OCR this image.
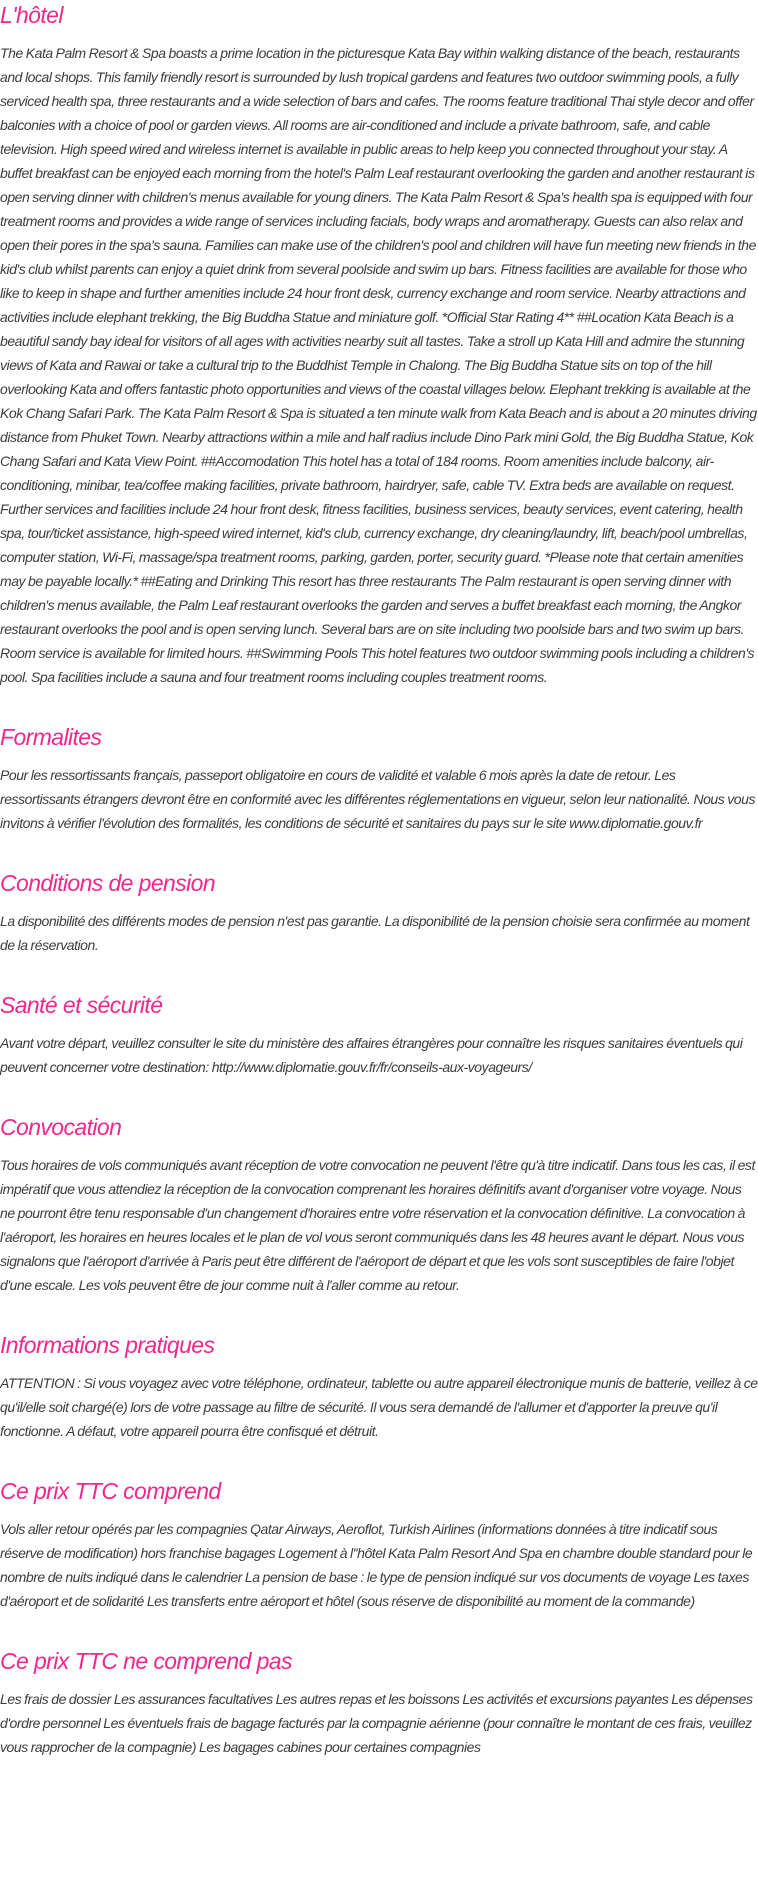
L'hôtel

The Kata Palm Resort & Spa boasts a prime location in the picturesque Kata Bay within walking distance of the beach, restaurants and local shops. This family friendly resort is surrounded by lush tropical gardens and features two outdoor swimming pools, a fully serviced health spa, three restaurants and a wide selection of bars and cafes. The rooms feature traditional Thai style decor and offer balconies with a choice of pool or garden views. All rooms are air-conditioned and include a private bathroom, safe, and cable television. High speed wired and wireless internet is available in public areas to help keep you connected throughout your stay. A buffet breakfast can be enjoyed each morning from the hotel's Palm Leaf restaurant overlooking the garden and another restaurant is open serving dinner with children's menus available for young diners. The Kata Palm Resort & Spa's health spa is equipped with four treatment rooms and provides a wide range of services including facials, body wraps and aromatherapy. Guests can also relax and open their pores in the spa's sauna. Families can make use of the children's pool and children will have fun meeting new friends in the kid's club whilst parents can enjoy a quiet drink from several poolside and swim up bars. Fitness facilities are available for those who like to keep in shape and further amenities include 24 hour front desk, currency exchange and room service. Nearby attractions and activities include elephant trekking, the Big Buddha Statue and miniature golf. *Official Star Rating 4** ##Location Kata Beach is a beautiful sandy bay ideal for visitors of all ages with activities nearby suit all tastes. Take a stroll up Kata Hill and admire the stunning views of Kata and Rawai or take a cultural trip to the Buddhist Temple in Chalong. The Big Buddha Statue sits on top of the hill overlooking Kata and offers fantastic photo opportunities and views of the coastal villages below. Elephant trekking is available at the Kok Chang Safari Park. The Kata Palm Resort & Spa is situated a ten minute walk from Kata Beach and is about a 20 minutes driving distance from Phuket Town. Nearby attractions within a mile and half radius include Dino Park mini Gold, the Big Buddha Statue, Kok Chang Safari and Kata View Point. ##Accomodation This hotel has a total of 184 rooms. Room amenities include balcony, air-conditioning, minibar, tea/coffee making facilities, private bathroom, hairdryer, safe, cable TV. Extra beds are available on request. Further services and facilities include 24 hour front desk, fitness facilities, business services, beauty services, event catering, health spa, tour/ticket assistance, high-speed wired internet, kid's club, currency exchange, dry cleaning/laundry, lift, beach/pool umbrellas, computer station, Wi-Fi, massage/spa treatment rooms, parking, garden, porter, security guard. *Please note that certain amenities may be payable locally.* ##Eating and Drinking This resort has three restaurants The Palm restaurant is open serving dinner with children's menus available, the Palm Leaf restaurant overlooks the garden and serves a buffet breakfast each morning, the Angkor restaurant overlooks the pool and is open serving lunch. Several bars are on site including two poolside bars and two swim up bars. Room service is available for limited hours. ##Swimming Pools This hotel features two outdoor swimming pools including a children's pool. Spa facilities include a sauna and four treatment rooms including couples treatment rooms.

Formalites

Pour les ressortissants français, passeport obligatoire en cours de validité et valable 6 mois après la date de retour. Les ressortissants étrangers devront être en conformité avec les différentes réglementations en vigueur, selon leur nationalité. Nous vous invitons à vérifier l'évolution des formalités, les conditions de sécurité et sanitaires du pays sur le site www.diplomatie.gouv.fr

Conditions de pension

La disponibilité des différents modes de pension n'est pas garantie. La disponibilité de la pension choisie sera confirmée au moment de la réservation.

Santé et sécurité

Avant votre départ, veuillez consulter le site du ministère des affaires étrangères pour connaître les risques sanitaires éventuels qui peuvent concerner votre destination: http://www.diplomatie.gouv.fr/fr/conseils-aux-voyageurs/

Convocation

Tous horaires de vols communiqués avant réception de votre convocation ne peuvent l'être qu'à titre indicatif. Dans tous les cas, il est impératif que vous attendiez la réception de la convocation comprenant les horaires définitifs avant d'organiser votre voyage. Nous ne pourront être tenu responsable d'un changement d'horaires entre votre réservation et la convocation définitive. La convocation à l'aéroport, les horaires en heures locales et le plan de vol vous seront communiqués dans les 48 heures avant le départ. Nous vous signalons que l'aéroport d'arrivée à Paris peut être différent de l'aéroport de départ et que les vols sont susceptibles de faire l'objet d'une escale. Les vols peuvent être de jour comme nuit à l'aller comme au retour.

Informations pratiques

ATTENTION : Si vous voyagez avec votre téléphone, ordinateur, tablette ou autre appareil électronique munis de batterie, veillez à ce qu'il/elle soit chargé(e) lors de votre passage au filtre de sécurité. Il vous sera demandé de l'allumer et d'apporter la preuve qu'il fonctionne. A défaut, votre appareil pourra être confisqué et détruit.

Ce prix TTC comprend

Vols aller retour opérés par les compagnies Qatar Airways, Aeroflot, Turkish Airlines (informations données à titre indicatif sous réserve de modification) hors franchise bagages Logement à l''hôtel Kata Palm Resort And Spa en chambre double standard pour le nombre de nuits indiqué dans le calendrier La pension de base : le type de pension indiqué sur vos documents de voyage Les taxes d'aéroport et de solidarité Les transferts entre aéroport et hôtel (sous réserve de disponibilité au moment de la commande)

Ce prix TTC ne comprend pas

Les frais de dossier Les assurances facultatives Les autres repas et les boissons Les activités et excursions payantes Les dépenses d'ordre personnel Les éventuels frais de bagage facturés par la compagnie aérienne (pour connaître le montant de ces frais, veuillez vous rapprocher de la compagnie) Les bagages cabines pour certaines compagnies
